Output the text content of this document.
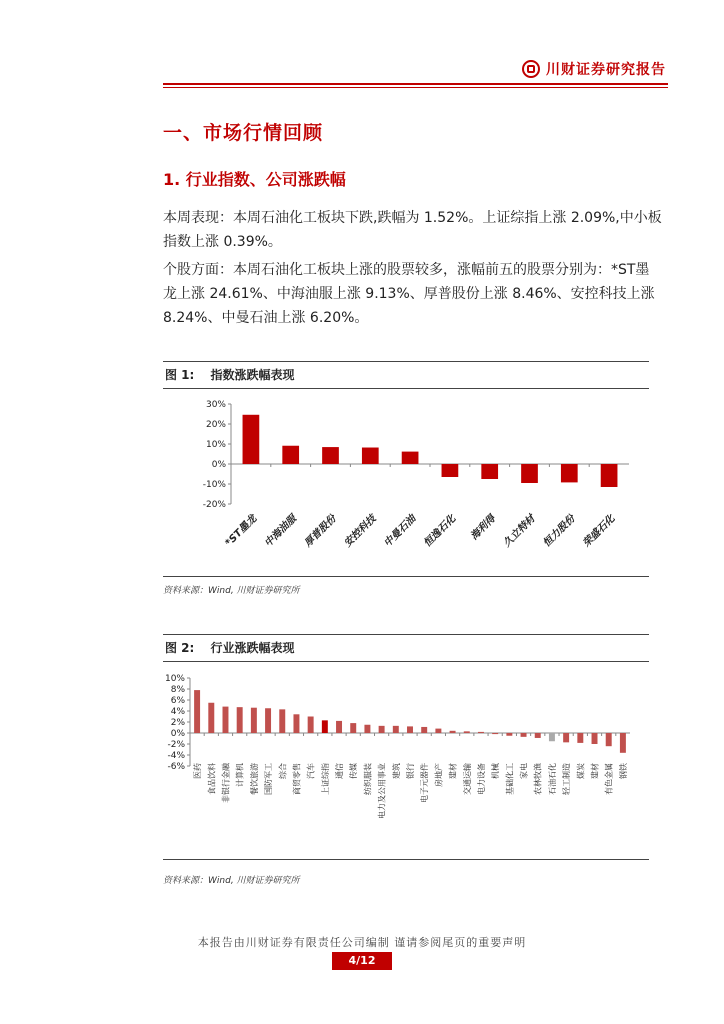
川财证券研究报告
一、市场行情回顾
1. 行业指数、公司涨跌幅

本周表现：本周石油化工板块下跌,跌幅为 1.52%。上证综指上涨 2.09%,中小板指数上涨 0.39%。

个股方面：本周石油化工板块上涨的股票较多，涨幅前五的股票分别为：*ST墨龙上涨 24.61%、中海油服上涨 9.13%、厚普股份上涨 8.46%、安控科技上涨 8.24%、中曼石油上涨 6.20%。

图 1: 指数涨跌幅表现
-20%
-10%
0%
10%
20%
30%
*ST墨龙 中海油服 厚普股份 安控科技 中曼石油 恒逸石化 海利得 久立特材 恒力股份 荣盛石化
资料来源：Wind, 川财证券研究所
图 2: 行业涨跌幅表现
-6%
-4%
-2%
0%
2%
4%
6%
8%
10%
医药 食品饮料 非银行金融 计算机 餐饮旅游 国防军工 综合 商贸零售 汽车 上证综指 通信 传媒 纺织服装 电力及公用事业 建筑 银行 电子元器件 房地产 建材 交通运输 电力设备 机械 基础化工 家电 农林牧渔 石油石化 轻工制造 煤炭 建材 有色金属 钢铁
资料来源：Wind, 川财证券研究所
本报告由川财证券有限责任公司编制 谨请参阅尾页的重要声明
4/12
